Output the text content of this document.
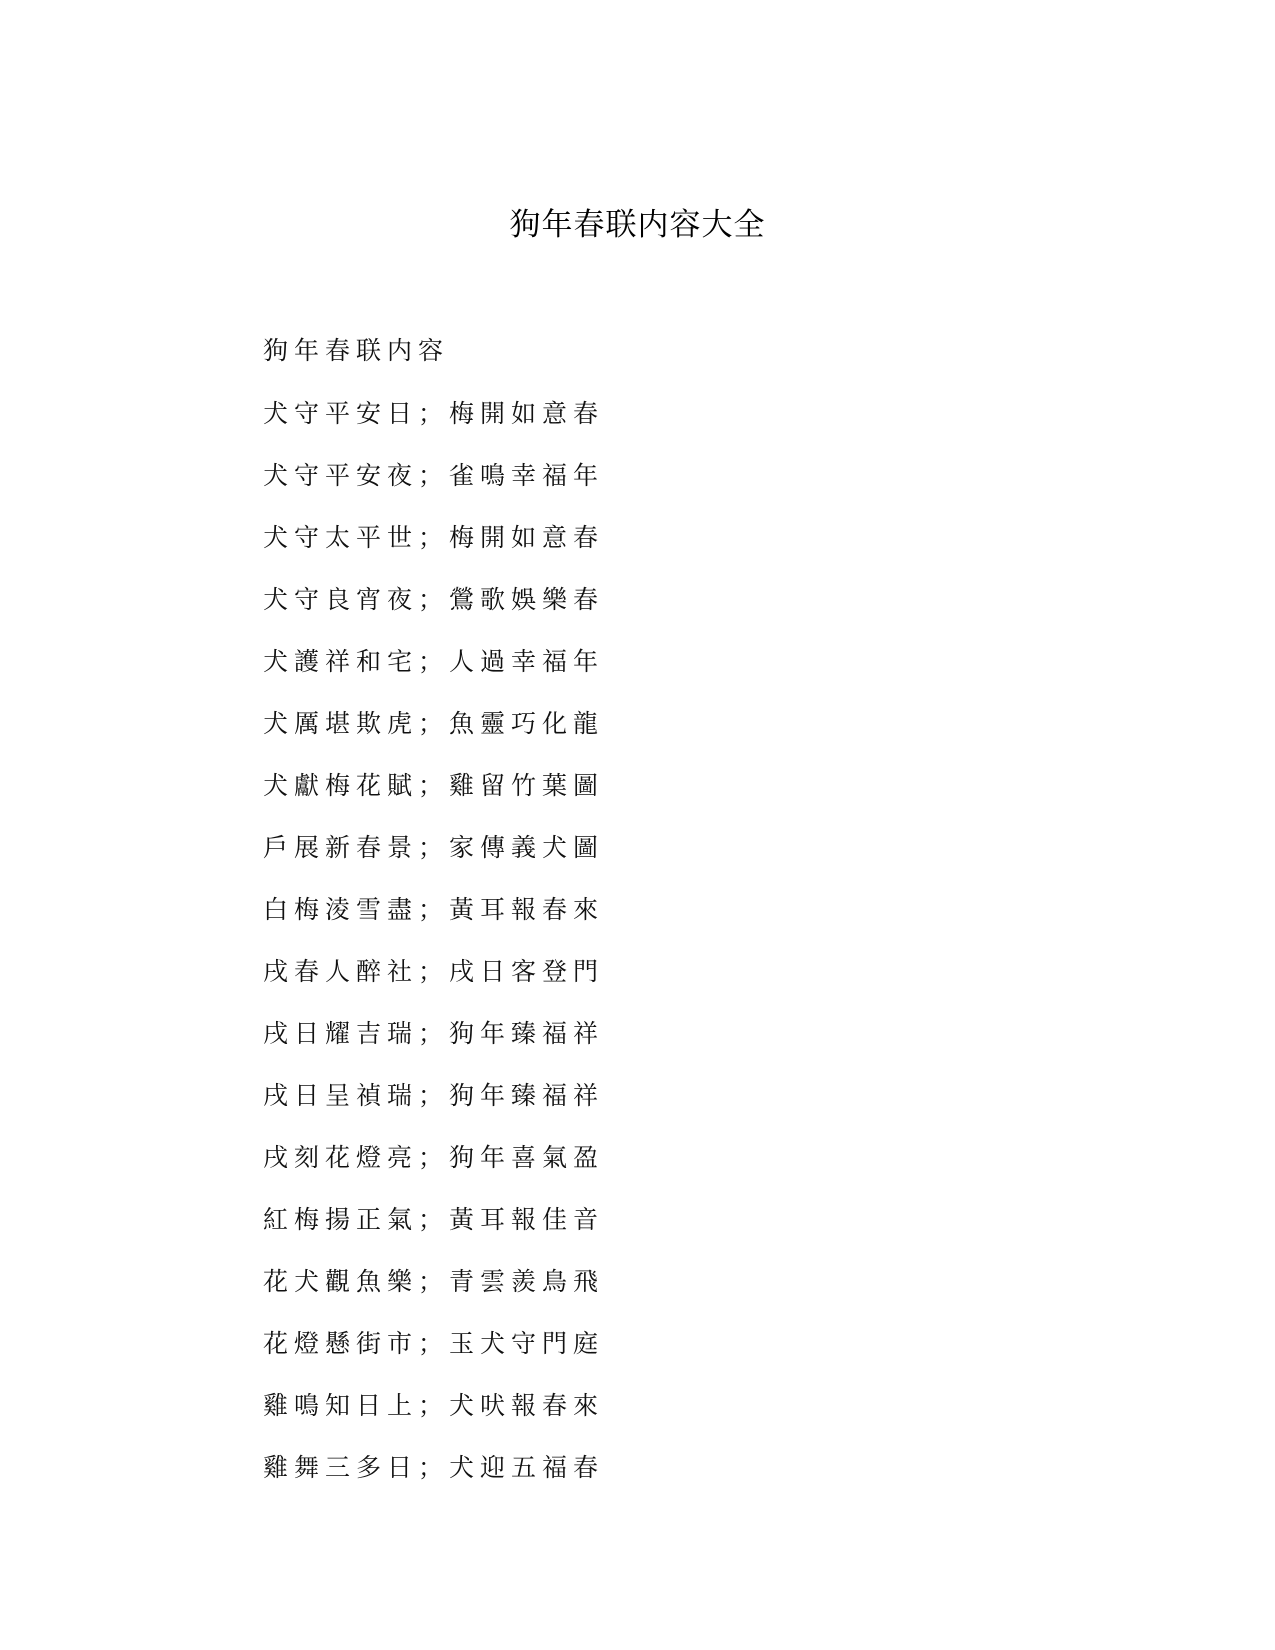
狗年春联内容大全
狗年春联内容
犬守平安日；梅開如意春
犬守平安夜；雀鳴幸福年
犬守太平世；梅開如意春
犬守良宵夜；鶯歌娛樂春
犬護祥和宅；人過幸福年
犬厲堪欺虎；魚靈巧化龍
犬獻梅花賦；雞留竹葉圖
戶展新春景；家傳義犬圖
白梅淩雪盡；黃耳報春來
戌春人醉社；戌日客登門
戌日耀吉瑞；狗年臻福祥
戌日呈禎瑞；狗年臻福祥
戌刻花燈亮；狗年喜氣盈
紅梅揚正氣；黃耳報佳音
花犬觀魚樂；青雲羨鳥飛
花燈懸街市；玉犬守門庭
雞鳴知日上；犬吠報春來
雞舞三多日；犬迎五福春
